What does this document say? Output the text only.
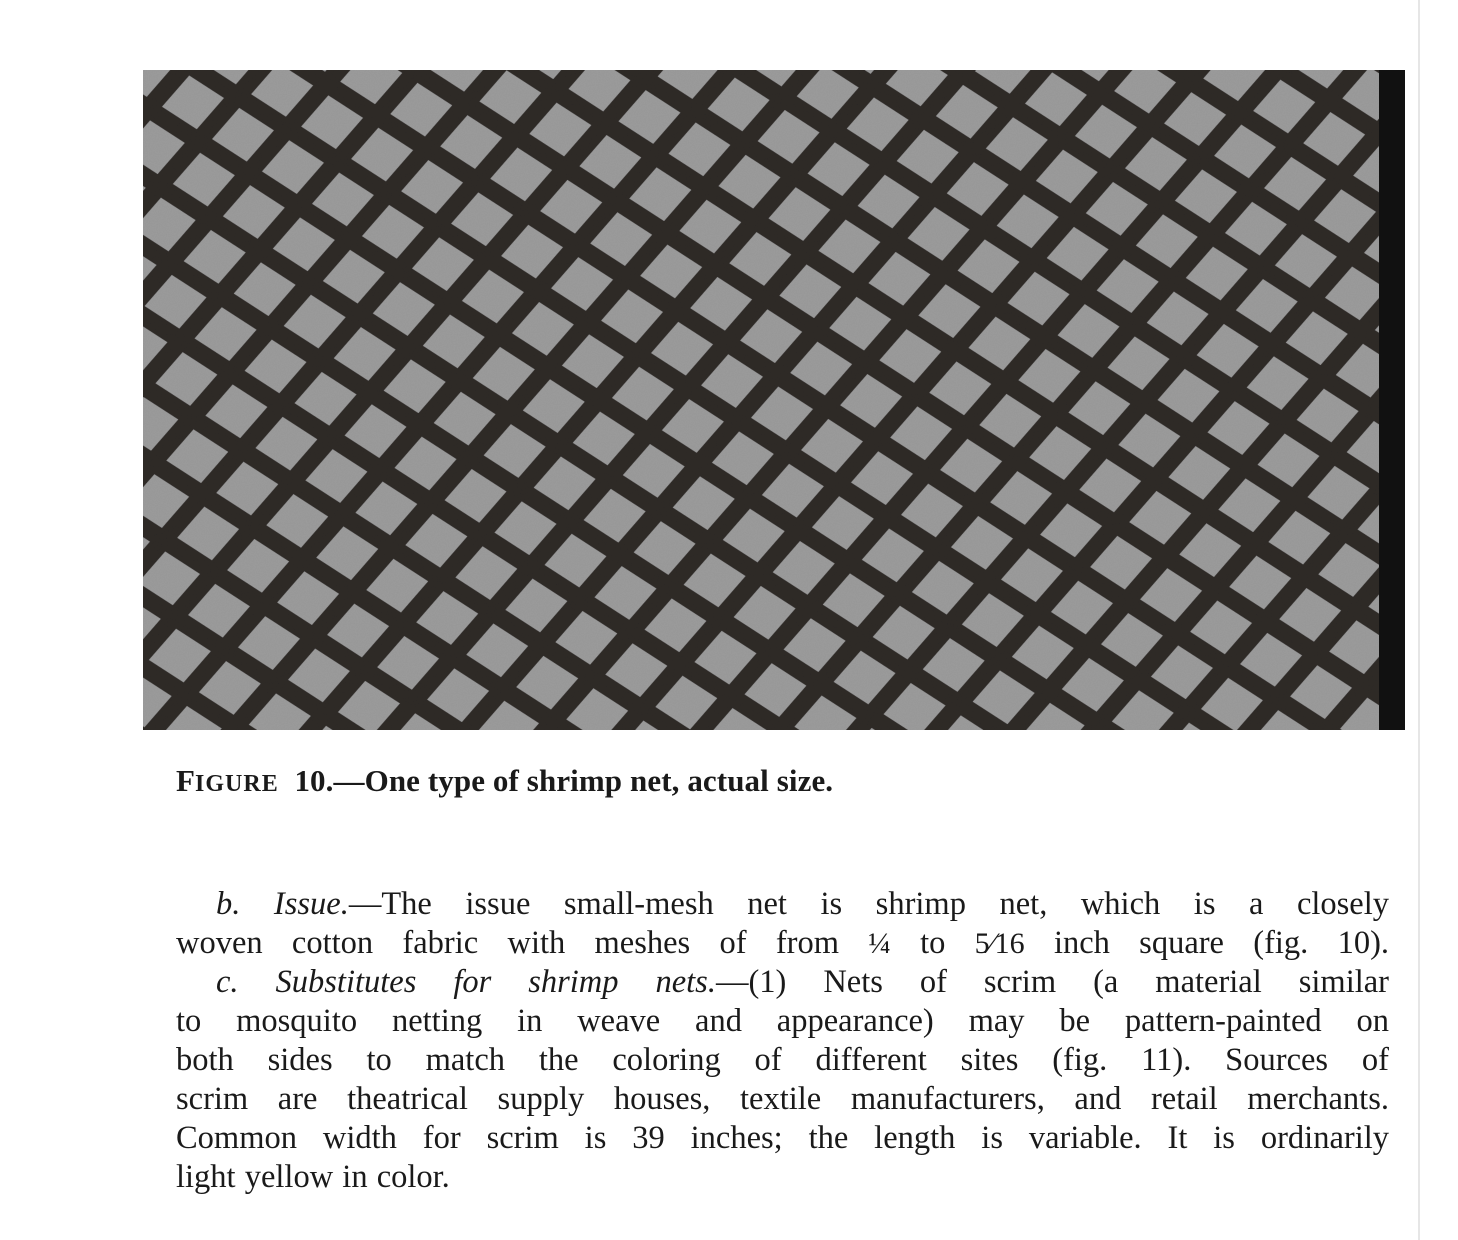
FIGURE 10.—One type of shrimp net, actual size.

b. Issue.—The issue small-mesh net is shrimp net, which is a closely

woven cotton fabric with meshes of from ¼ to 5⁄16 inch square (fig. 10).

c. Substitutes for shrimp nets.—(1) Nets of scrim (a material similar

to mosquito netting in weave and appearance) may be pattern-painted on

both sides to match the coloring of different sites (fig. 11). Sources of

scrim are theatrical supply houses, textile manufacturers, and retail merchants.

Common width for scrim is 39 inches; the length is variable. It is ordinarily

light yellow in color.
